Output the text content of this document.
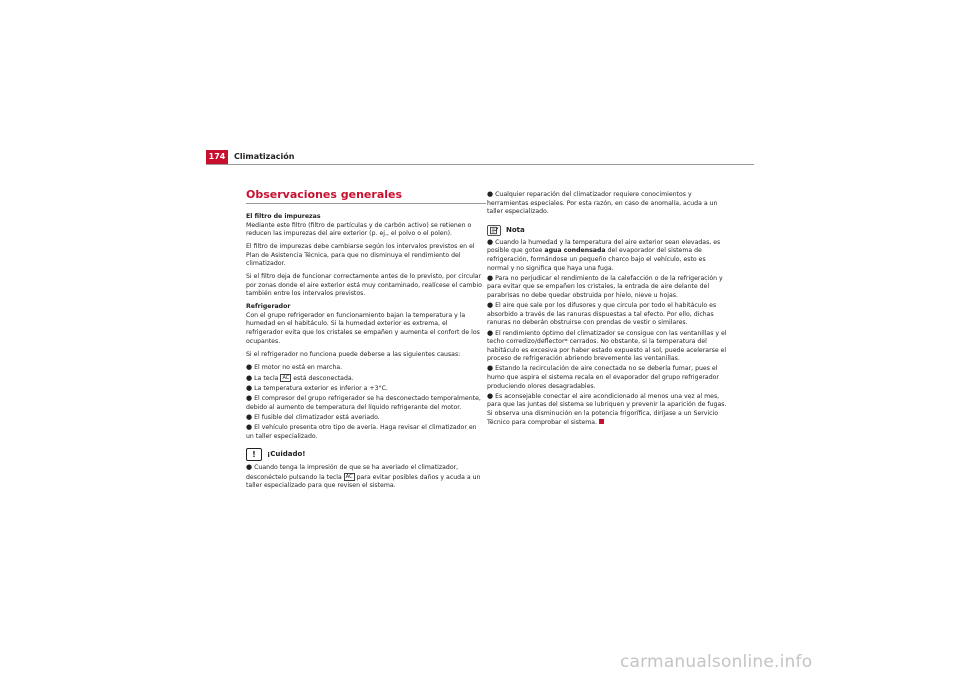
174	Climatización
Observaciones generales
El filtro de impurezas

Mediante este filtro (filtro de partículas y de carbón activo) se retienen o reducen las impurezas del aire exterior (p. ej., el polvo o el polen).

El filtro de impurezas debe cambiarse según los intervalos previstos en el Plan de Asistencia Técnica, para que no disminuya el rendimiento del climatizador.

Si el filtro deja de funcionar correctamente antes de lo previsto, por circular por zonas donde el aire exterior está muy contaminado, realícese el cambio también entre los intervalos previstos.

Refrigerador

Con el grupo refrigerador en funcionamiento bajan la temperatura y la humedad en el habitáculo. Si la humedad exterior es extrema, el refrigerador evita que los cristales se empañen y aumenta el confort de los ocupantes.

Si el refrigerador no funciona puede deberse a las siguientes causas:

● El motor no está en marcha.
● La tecla AC está desconectada.
● La temperatura exterior es inferior a +3°C.
● El compresor del grupo refrigerador se ha desconectado temporalmente, debido al aumento de temperatura del líquido refrigerante del motor.
● El fusible del climatizador está averiado.
● El vehículo presenta otro tipo de avería. Haga revisar el climatizador en un taller especializado.
!	¡Cuidado!
● Cuando tenga la impresión de que se ha averiado el climatizador, desconéctelo pulsando la tecla AC para evitar posibles daños y acuda a un taller especializado para que revisen el sistema.
● Cualquier reparación del climatizador requiere conocimientos y herramientas especiales. Por esta razón, en caso de anomalía, acuda a un taller especializado.
Nota
● Cuando la humedad y la temperatura del aire exterior sean elevadas, es posible que gotee agua condensada del evaporador del sistema de refrigeración, formándose un pequeño charco bajo el vehículo, esto es normal y no significa que haya una fuga.
● Para no perjudicar el rendimiento de la calefacción o de la refrigeración y para evitar que se empañen los cristales, la entrada de aire delante del parabrisas no debe quedar obstruida por hielo, nieve u hojas.
● El aire que sale por los difusores y que circula por todo el habitáculo es absorbido a través de las ranuras dispuestas a tal efecto. Por ello, dichas ranuras no deberán obstruirse con prendas de vestir o similares.
● El rendimiento óptimo del climatizador se consigue con las ventanillas y el techo corredizo/deflector* cerrados. No obstante, si la temperatura del habitáculo es excesiva por haber estado expuesto al sol, puede acelerarse el proceso de refrigeración abriendo brevemente las ventanillas.
● Estando la recirculación de aire conectada no se debería fumar, pues el humo que aspira el sistema recala en el evaporador del grupo refrigerador produciendo olores desagradables.
● Es aconsejable conectar el aire acondicionado al menos una vez al mes, para que las juntas del sistema se lubriquen y prevenir la aparición de fugas. Si observa una disminución en la potencia frigorífica, diríjase a un Servicio Técnico para comprobar el sistema.
carmanualsonline.info
